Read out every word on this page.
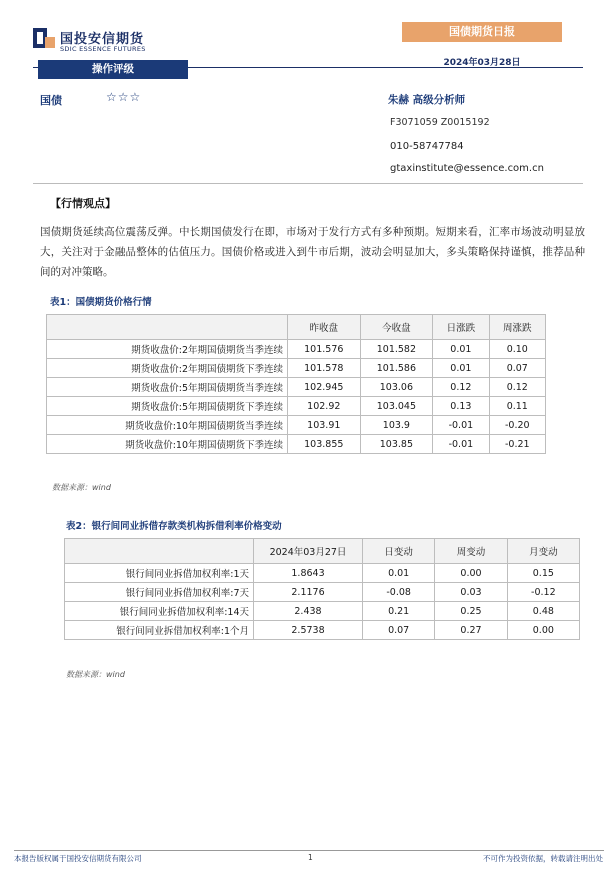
国投安信期货
SDIC ESSENCE FUTURES
国债期货日报
2024年03月28日
操作评级
国债	☆☆☆	朱赫 高级分析师
F3071059 Z0015192
010-58747784
gtaxinstitute@essence.com.cn
【行情观点】
国债期货延续高位震荡反弹。中长期国债发行在即，市场对于发行方式有多种预期。短期来看，汇率市场波动明显放大，关注对于金融品整体的估值压力。国债价格或进入到牛市后期，波动会明显加大，多头策略保持谨慎，推荐品种间的对冲策略。
表1：国债期货价格行情
	昨收盘	今收盘	日涨跌	周涨跌
期货收盘价:2年期国债期货当季连续	101.576	101.582	0.01	0.10
期货收盘价:2年期国债期货下季连续	101.578	101.586	0.01	0.07
期货收盘价:5年期国债期货当季连续	102.945	103.06	0.12	0.12
期货收盘价:5年期国债期货下季连续	102.92	103.045	0.13	0.11
期货收盘价:10年期国债期货当季连续	103.91	103.9	-0.01	-0.20
期货收盘价:10年期国债期货下季连续	103.855	103.85	-0.01	-0.21
数据来源：wind
表2：银行间同业拆借存款类机构拆借利率价格变动
	2024年03月27日	日变动	周变动	月变动
银行间同业拆借加权利率:1天	1.8643	0.01	0.00	0.15
银行间同业拆借加权利率:7天	2.1176	-0.08	0.03	-0.12
银行间同业拆借加权利率:14天	2.438	0.21	0.25	0.48
银行间同业拆借加权利率:1个月	2.5738	0.07	0.27	0.00
数据来源：wind
本报告版权属于国投安信期货有限公司	1	不可作为投资依据，转载请注明出处
